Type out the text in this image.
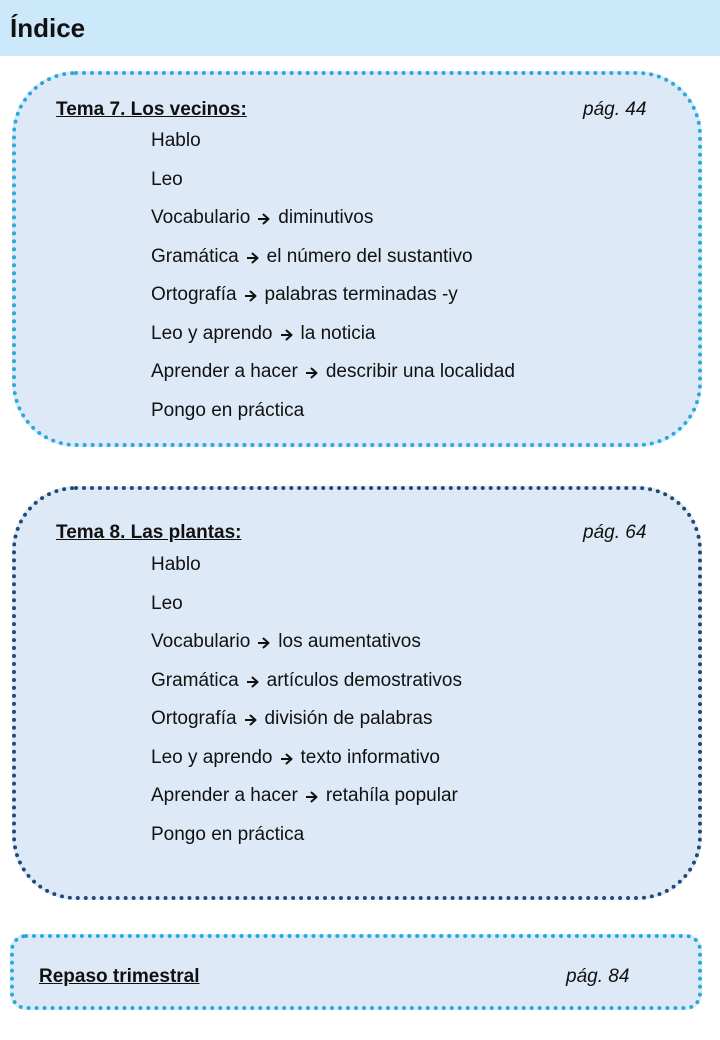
Índice
Tema 7. Los vecinos:	pág. 44
Hablo
Leo
Vocabulario diminutivos
Gramática el número del sustantivo
Ortografía palabras terminadas -y
Leo y aprendo la noticia
Aprender a hacer describir una localidad
Pongo en práctica
Tema 8. Las plantas:	pág. 64
Hablo
Leo
Vocabulario los aumentativos
Gramática artículos demostrativos
Ortografía división de palabras
Leo y aprendo texto informativo
Aprender a hacer retahíla popular
Pongo en práctica
Repaso trimestral	pág. 84
